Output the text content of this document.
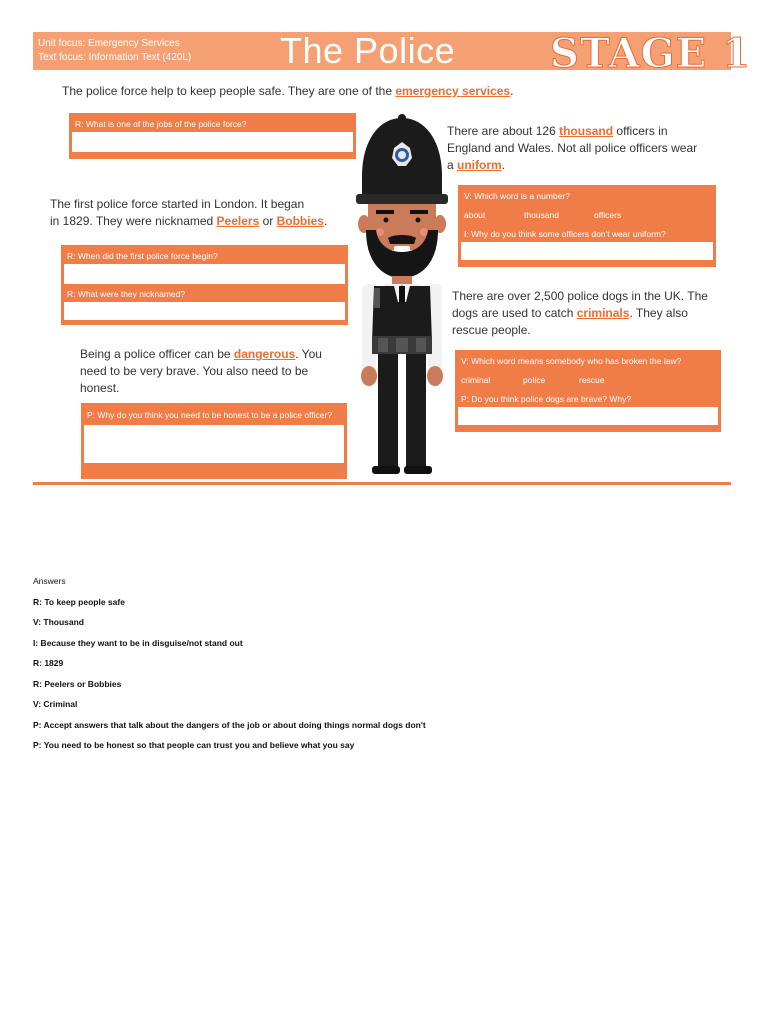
Unit focus: Emergency Services
Text focus: Information Text (420L) The Police STAGE 1
The police force help to keep people safe. They are one of the emergency services.
R: What is one of the jobs of the police force?
The first police force started in London. It began
in 1829. They were nicknamed Peelers or Bobbies.
R: When did the first police force begin?
R: What were they nicknamed?
Being a police officer can be dangerous. You need to be very brave. You also need to be honest.
P: Why do you think you need to be honest to be a police officer?
There are about 126 thousand officers in England and Wales. Not all police officers wear a uniform.
V: Which word is a number?
about	thousand	officers
I: Why do you think some officers don't wear uniform?
There are over 2,500 police dogs in the UK. The dogs are used to catch criminals. They also rescue people.
V: Which word means somebody who has broken the law?
criminal	police	rescue
P: Do you think police dogs are brave? Why?
Answers
R: To keep people safe
V: Thousand
I: Because they want to be in disguise/not stand out
R: 1829
R: Peelers or Bobbies
V: Criminal
P: Accept answers that talk about the dangers of the job or about doing things normal dogs don't
P: You need to be honest so that people can trust you and believe what you say
